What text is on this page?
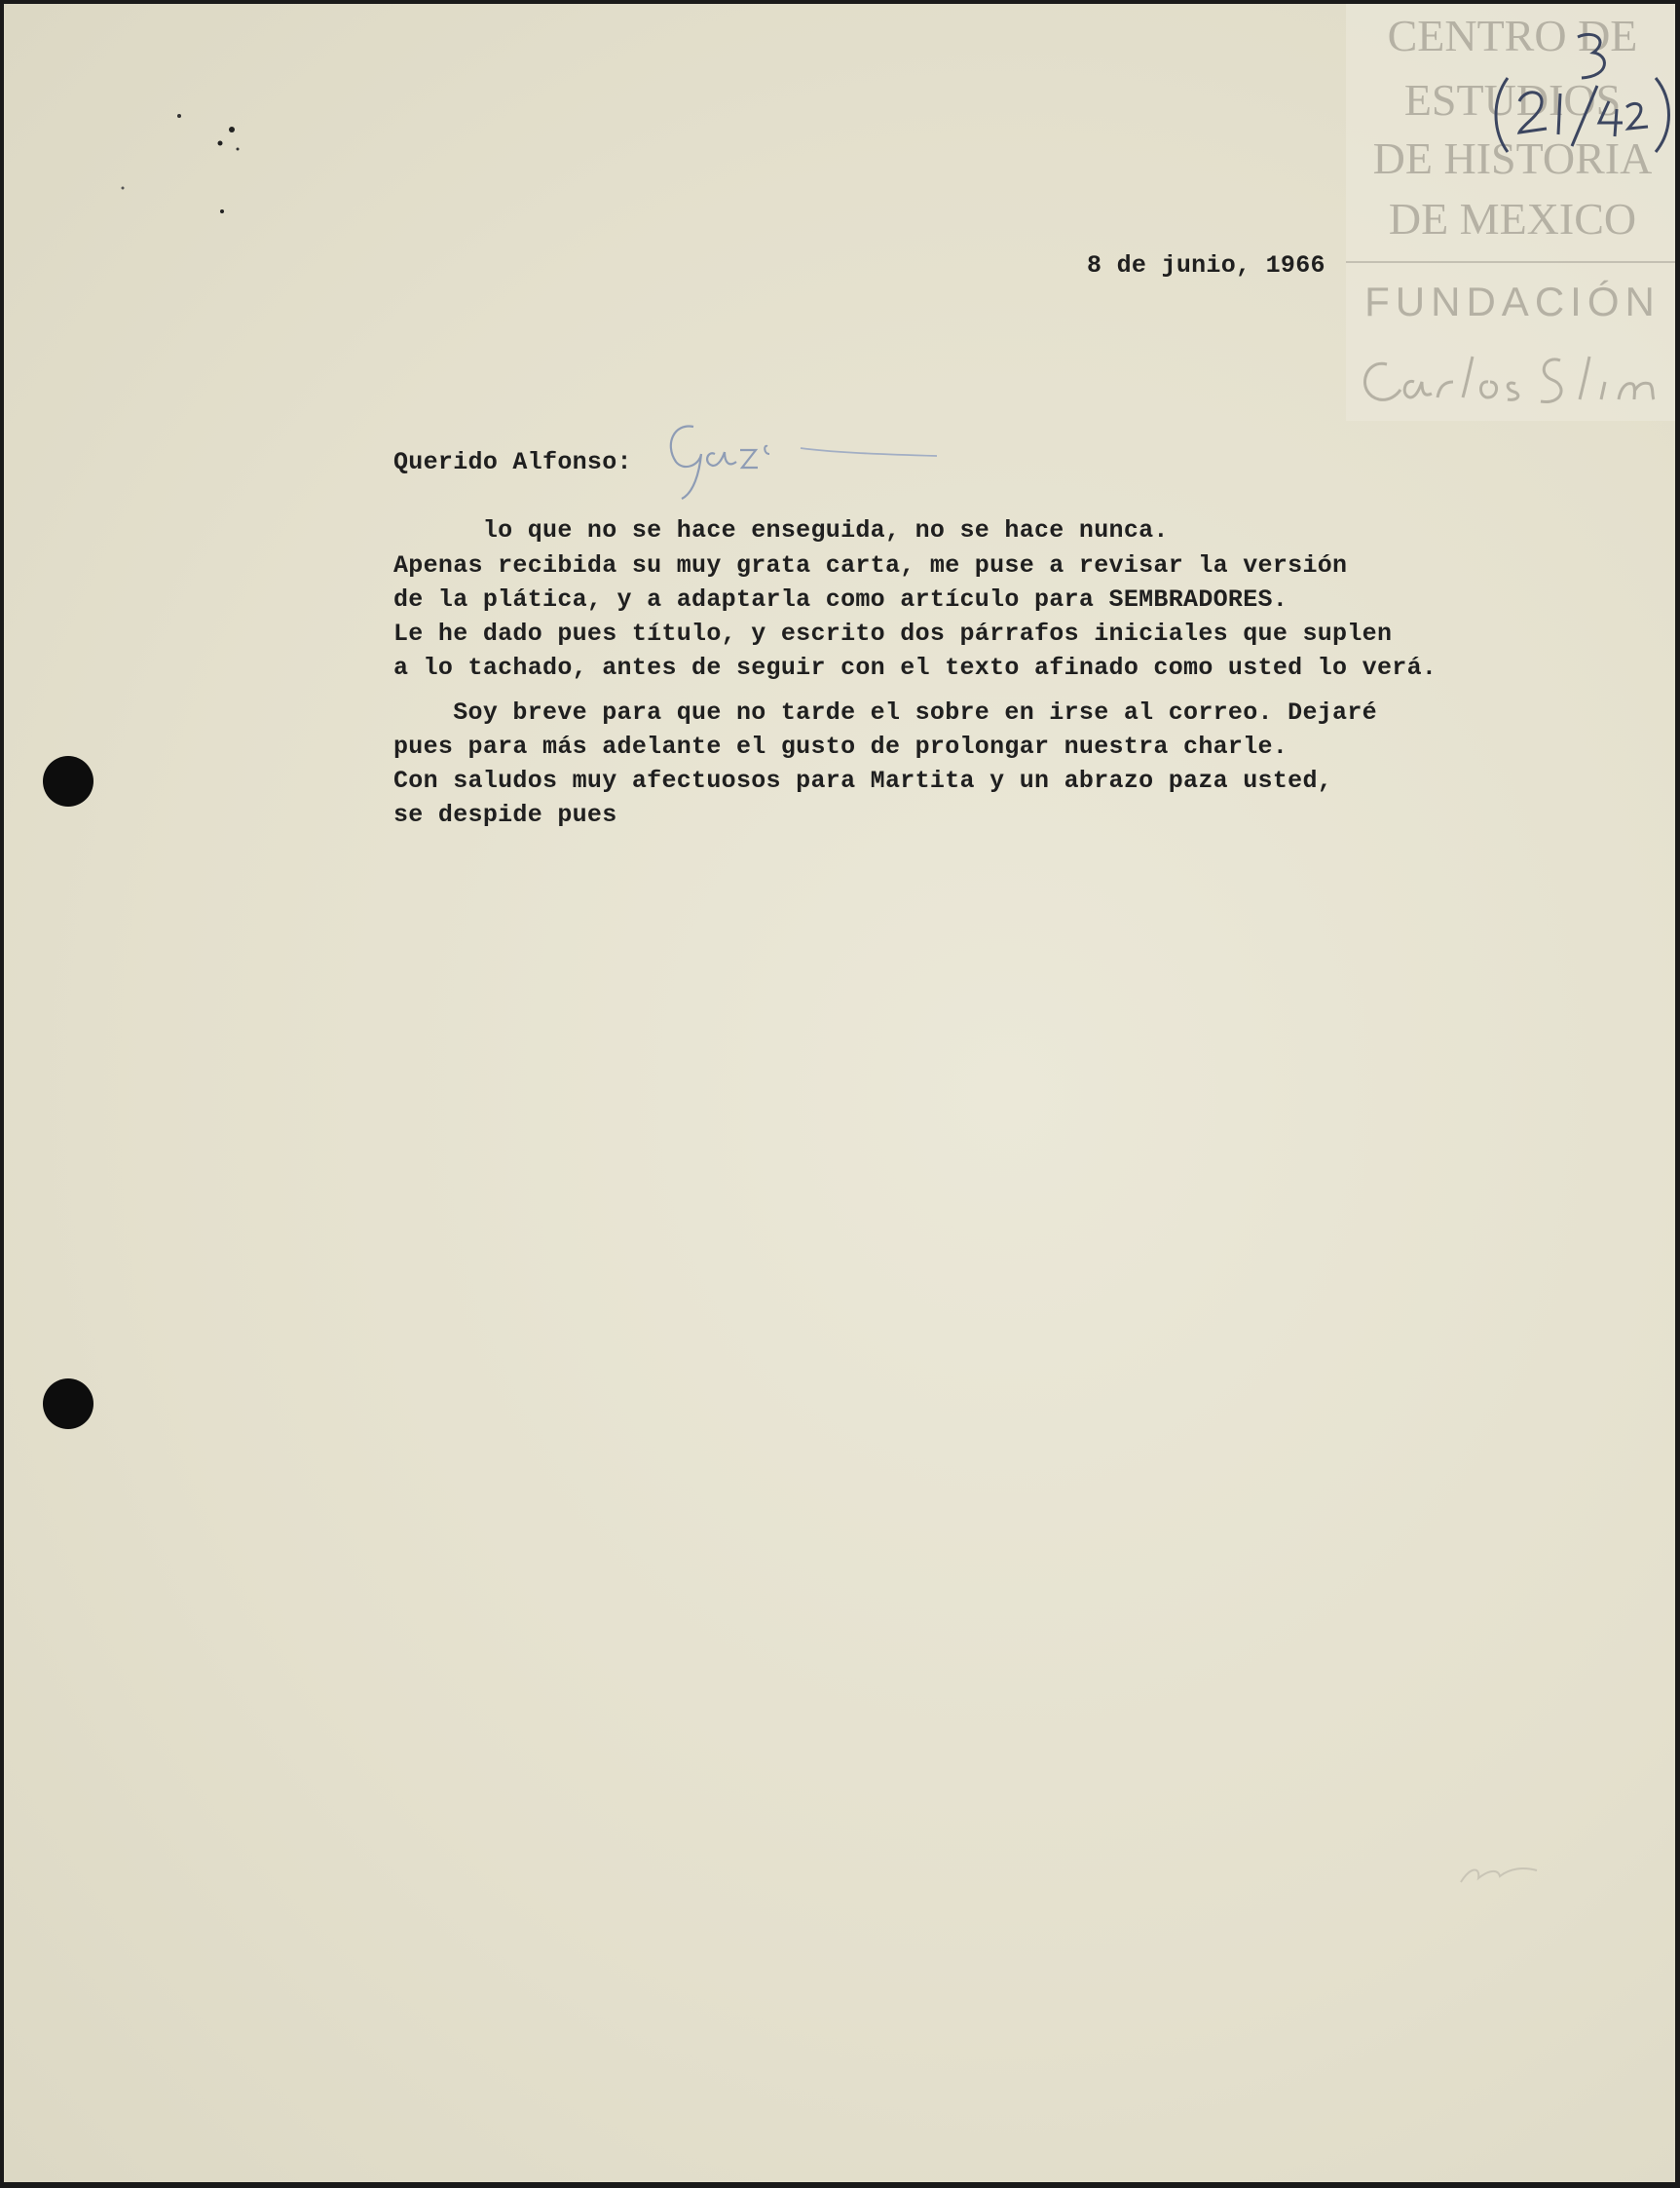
8 de junio, 1966
Querido Alfonso:
lo que no se hace enseguida, no se hace nunca.
Apenas recibida su muy grata carta, me puse a revisar la versión
de la plática, y a adaptarla como artículo para SEMBRADORES.
Le he dado pues título, y escrito dos párrafos iniciales que suplen
a lo tachado, antes de seguir con el texto afinado como usted lo verá.
Soy breve para que no tarde el sobre en irse al correo. Dejaré
pues para más adelante el gusto de prolongar nuestra charle.
Con saludos muy afectuosos para Martita y un abrazo paza usted,
se despide pues
CENTRO DE
ESTUDIOS
DE HISTORIA
DE MEXICO
FUNDACIÓN
